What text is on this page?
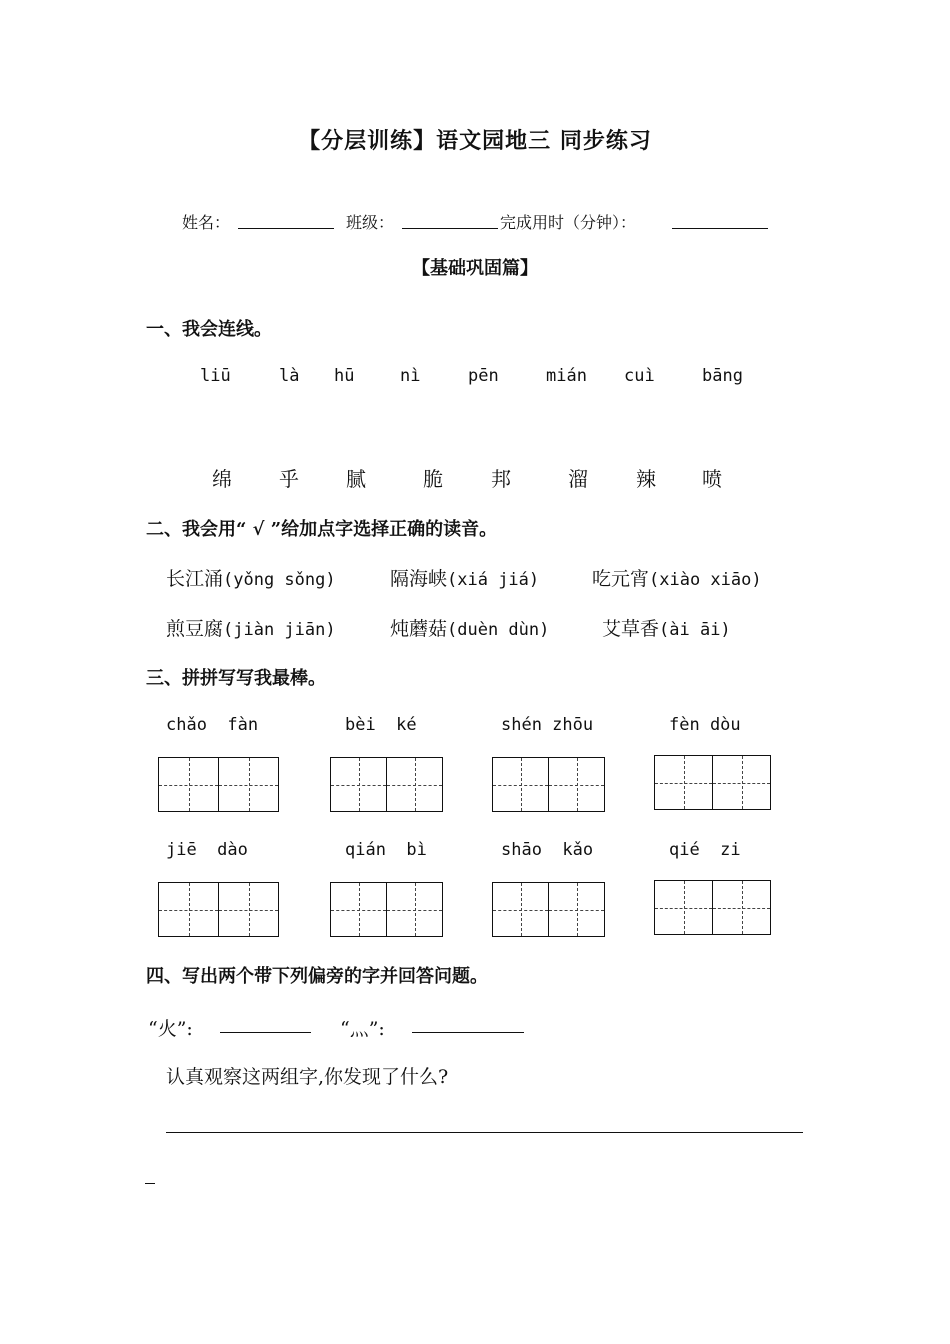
【分层训练】语文园地三 同步练习
姓名：	班级：	完成用时（分钟）：
【基础巩固篇】
一、我会连线。
liū	là hū	nì	pēn	mián cuì	bāng
绵 乎 腻	脆 邦	溜 辣 喷
二、我会用“ √ ”给加点字选择正确的读音。
长江涌(yǒng sǒng)	隔海峡(xiá jiá)	吃元宵(xiào xiāo)
煎豆腐(jiàn jiān)	炖蘑菇(duèn dùn)	艾草香(ài āi)
三、拼拼写写我最棒。
chǎo  fàn	bèi  ké	shén zhōu	fèn dòu
jiē  dào	qián  bì	shāo  kǎo	qié  zi
四、写出两个带下列偏旁的字并回答问题。
“火”:	“灬”:
认真观察这两组字,你发现了什么?
